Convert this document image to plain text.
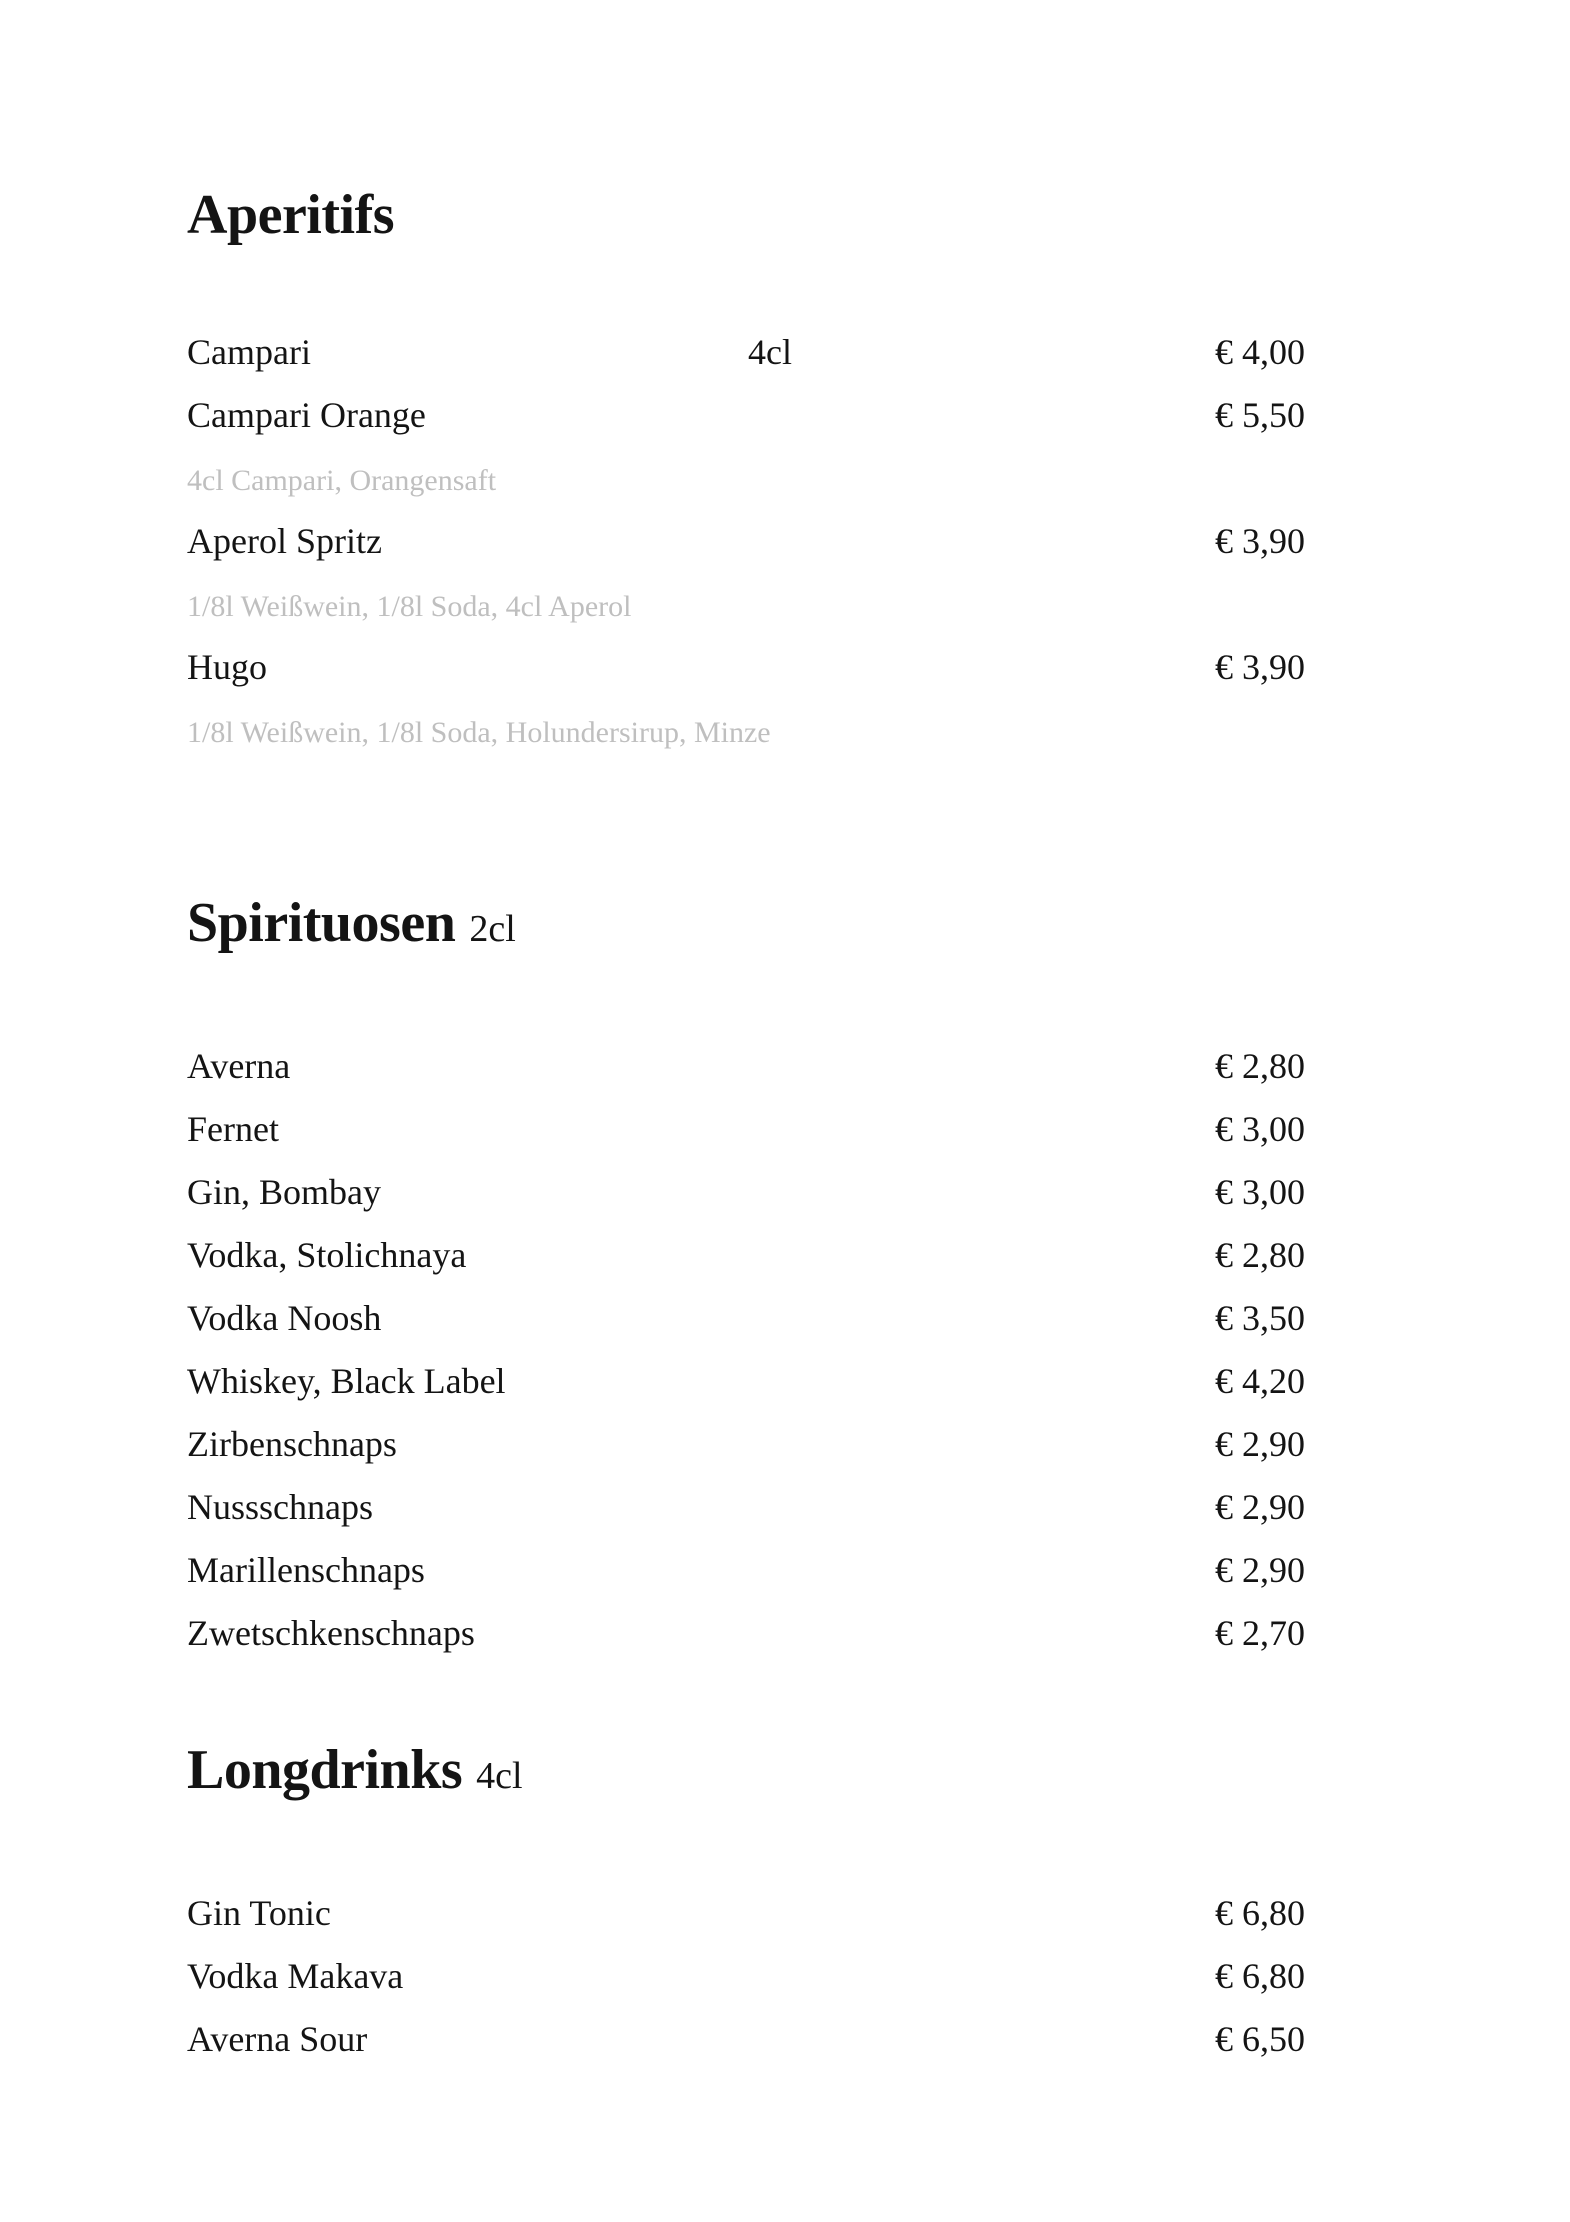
Aperitifs
Campari	4cl	€ 4,00
Campari Orange	€ 5,50
4cl Campari, Orangensaft
Aperol Spritz	€ 3,90
1/8l Weißwein, 1/8l Soda, 4cl Aperol
Hugo	€ 3,90
1/8l Weißwein, 1/8l Soda, Holundersirup, Minze
Spirituosen 2cl
Averna	€ 2,80
Fernet	€ 3,00
Gin, Bombay	€ 3,00
Vodka, Stolichnaya	€ 2,80
Vodka Noosh	€ 3,50
Whiskey, Black Label	€ 4,20
Zirbenschnaps	€ 2,90
Nussschnaps	€ 2,90
Marillenschnaps	€ 2,90
Zwetschkenschnaps	€ 2,70
Longdrinks 4cl
Gin Tonic	€ 6,80
Vodka Makava	€ 6,80
Averna Sour	€ 6,50
